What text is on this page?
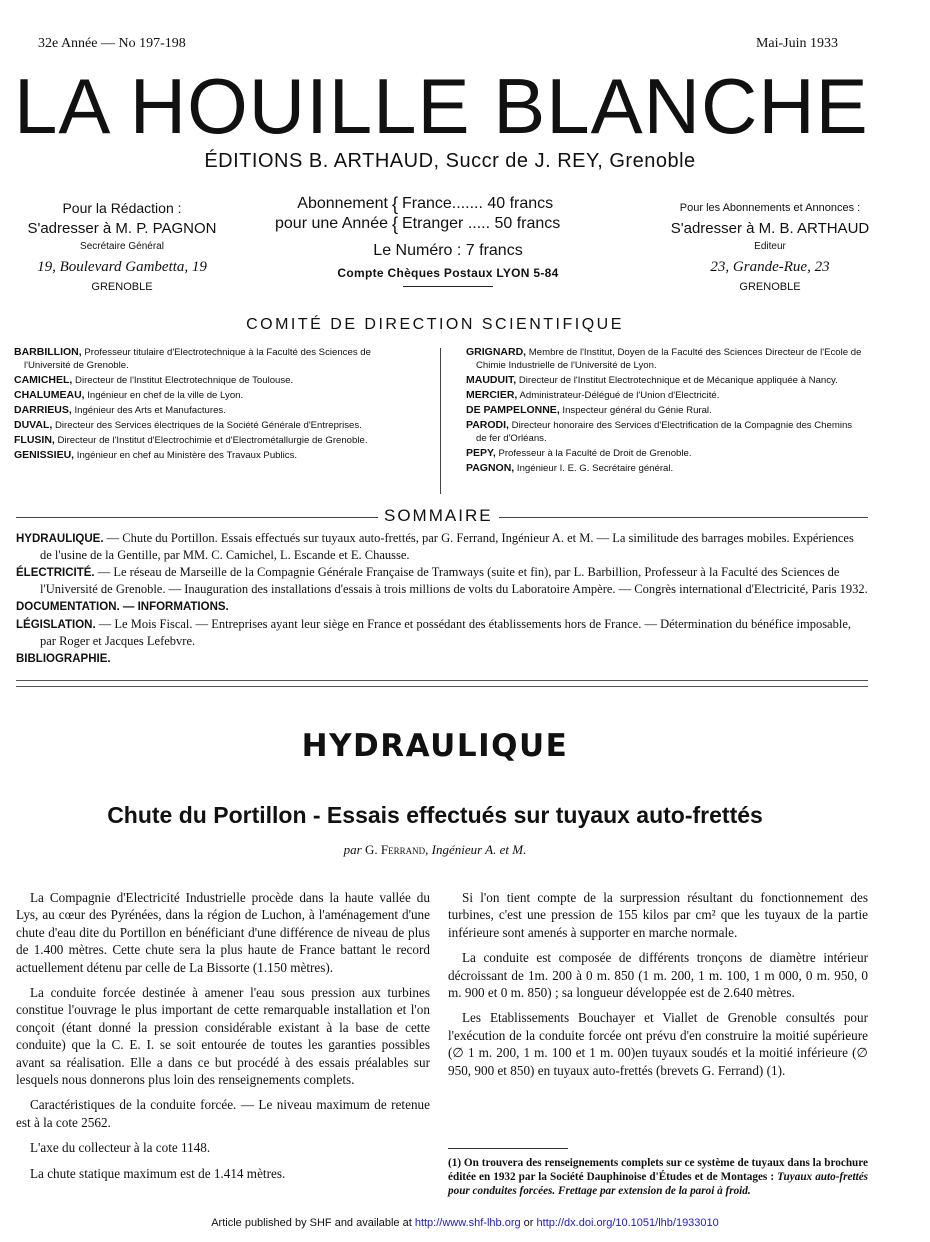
32e Année — No 197-198	Mai-Juin 1933
LA HOUILLE BLANCHE
ÉDITIONS B. ARTHAUD, Succr de J. REY, Grenoble
Pour la Rédaction :
S'adresser à M. P. PAGNON
Secrétaire Général
19, Boulevard Gambetta, 19
GRENOBLE
Abonnement { France....... 40 francs
pour une Année { Etranger ..... 50 francs
Le Numéro : 7 francs
Compte Chèques Postaux LYON 5-84
Pour les Abonnements et Annonces :
S'adresser à M. B. ARTHAUD
Editeur
23, Grande-Rue, 23
GRENOBLE
COMITÉ DE DIRECTION SCIENTIFIQUE
BARBILLION, Professeur titulaire d'Electrotechnique à la Faculté des Sciences de l'Université de Grenoble.
CAMICHEL, Directeur de l'Institut Electrotechnique de Toulouse.
CHALUMEAU, Ingénieur en chef de la ville de Lyon.
DARRIEUS, Ingénieur des Arts et Manufactures.
DUVAL, Directeur des Services électriques de la Société Générale d'Entreprises.
FLUSIN, Directeur de l'Institut d'Electrochimie et d'Electrométallurgie de Grenoble.
GENISSIEU, Ingénieur en chef au Ministère des Travaux Publics.
GRIGNARD, Membre de l'Institut, Doyen de la Faculté des Sciences Directeur de l'Ecole de Chimie Industrielle de l'Université de Lyon.
MAUDUIT, Directeur de l'Institut Electrotechnique et de Mécanique appliquée à Nancy.
MERCIER, Administrateur-Délégué de l'Union d'Electricité.
DE PAMPELONNE, Inspecteur général du Génie Rural.
PARODI, Directeur honoraire des Services d'Electrification de la Compagnie des Chemins de fer d'Orléans.
PEPY, Professeur à la Faculté de Droit de Grenoble.
PAGNON, Ingénieur I. E. G. Secrétaire général.
SOMMAIRE
HYDRAULIQUE. — Chute du Portillon. Essais effectués sur tuyaux auto-frettés, par G. Ferrand, Ingénieur A. et M. — La similitude des barrages mobiles. Expériences de l'usine de la Gentille, par MM. C. Camichel, L. Escande et E. Chausse.
ÉLECTRICITÉ. — Le réseau de Marseille de la Compagnie Générale Française de Tramways (suite et fin), par L. Barbillion, Professeur à la Faculté des Sciences de l'Université de Grenoble. — Inauguration des installations d'essais à trois millions de volts du Laboratoire Ampère. — Congrès international d'Electricité, Paris 1932.
DOCUMENTATION. — INFORMATIONS.
LÉGISLATION. — Le Mois Fiscal. — Entreprises ayant leur siège en France et possédant des établissements hors de France. — Détermination du bénéfice imposable, par Roger et Jacques Lefebvre.
BIBLIOGRAPHIE.
HYDRAULIQUE
Chute du Portillon - Essais effectués sur tuyaux auto-frettés
par G. Ferrand, Ingénieur A. et M.

La Compagnie d'Electricité Industrielle procède dans la haute vallée du Lys, au cœur des Pyrénées, dans la région de Luchon, à l'aménagement d'une chute d'eau dite du Portillon en bénéficiant d'une différence de niveau de plus de 1.400 mètres. Cette chute sera la plus haute de France battant le record actuellement détenu par celle de La Bissorte (1.150 mètres).

La conduite forcée destinée à amener l'eau sous pression aux turbines constitue l'ouvrage le plus important de cette remarquable installation et l'on conçoit (étant donné la pression considérable existant à la base de cette conduite) que la C. E. I. se soit entourée de toutes les garanties possibles avant sa réalisation. Elle a dans ce but procédé à des essais préalables sur lesquels nous donnerons plus loin des renseignements complets.

Caractéristiques de la conduite forcée. — Le niveau maximum de retenue est à la cote 2562.

L'axe du collecteur à la cote 1148.

La chute statique maximum est de 1.414 mètres.

Si l'on tient compte de la surpression résultant du fonctionnement des turbines, c'est une pression de 155 kilos par cm² que les tuyaux de la partie inférieure sont amenés à supporter en marche normale.

La conduite est composée de différents tronçons de diamètre intérieur décroissant de 1m. 200 à 0 m. 850 (1 m. 200, 1 m. 100, 1 m 000, 0 m. 950, 0 m. 900 et 0 m. 850) ; sa longueur développée est de 2.640 mètres.

Les Etablissements Bouchayer et Viallet de Grenoble consultés pour l'exécution de la conduite forcée ont prévu d'en construire la moitié supérieure (∅ 1 m. 200, 1 m. 100 et 1 m. 00)en tuyaux soudés et la moitié inférieure (∅ 950, 900 et 850) en tuyaux auto-frettés (brevets G. Ferrand) (1).

(1) On trouvera des renseignements complets sur ce système de tuyaux dans la brochure éditée en 1932 par la Société Dauphinoise d'Études et de Montages : Tuyaux auto-frettés pour conduites forcées. Frettage par extension de la paroi à froid.
Article published by SHF and available at http://www.shf-lhb.org or http://dx.doi.org/10.1051/lhb/1933010
